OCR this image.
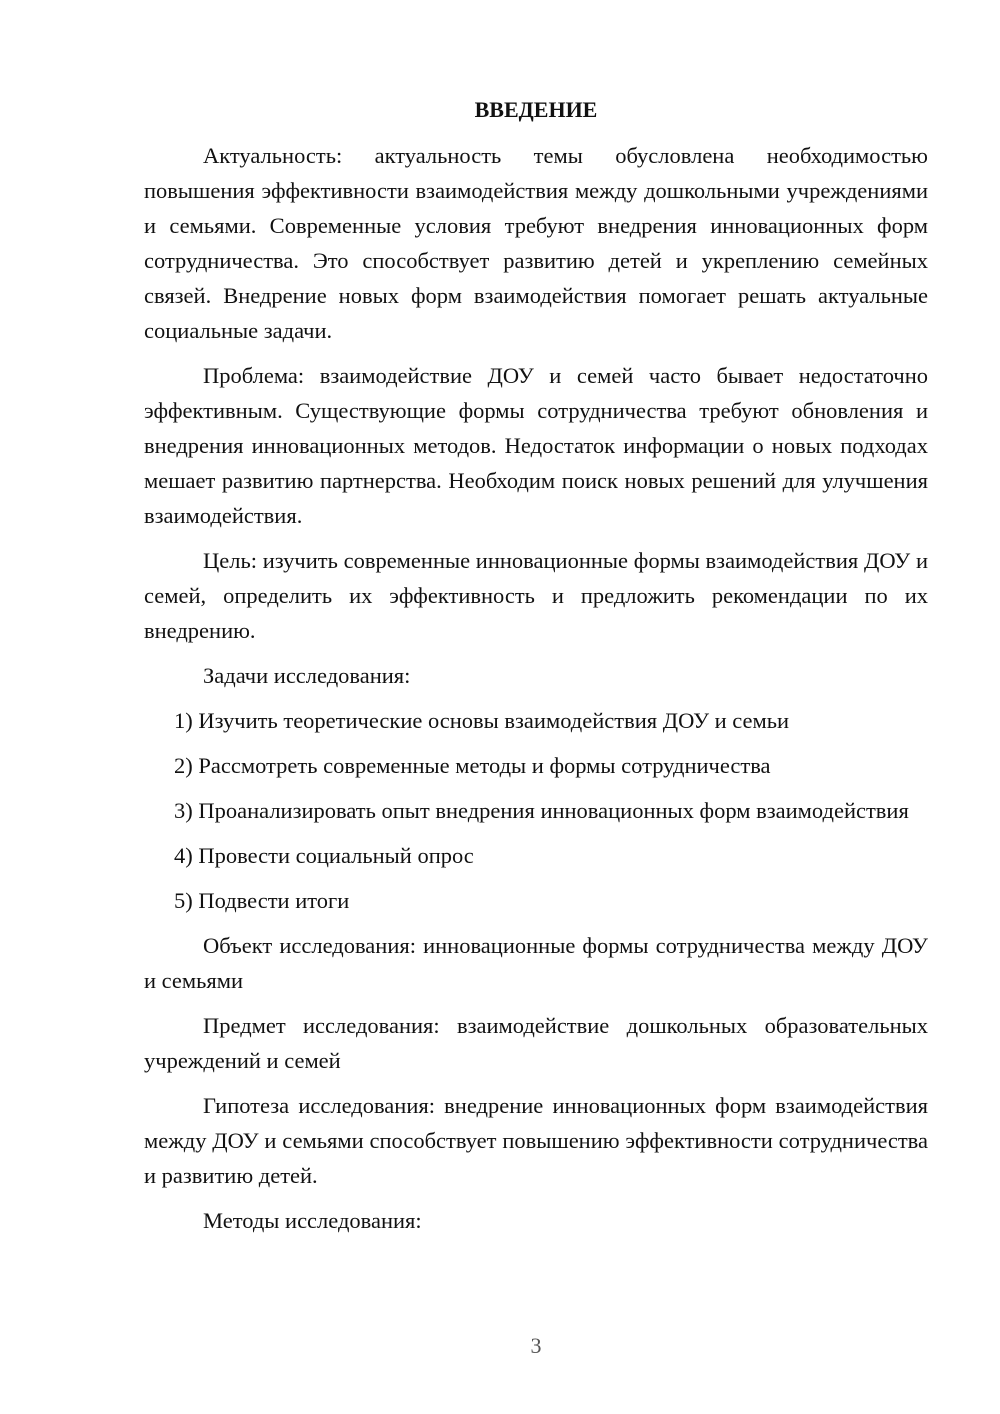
ВВЕДЕНИЕ

Актуальность: актуальность темы обусловлена необходимостью повышения эффективности взаимодействия между дошкольными учреждениями и семьями. Современные условия требуют внедрения инновационных форм сотрудничества. Это способствует развитию детей и укреплению семейных связей. Внедрение новых форм взаимодействия помогает решать актуальные социальные задачи.

Проблема: взаимодействие ДОУ и семей часто бывает недостаточно эффективным. Существующие формы сотрудничества требуют обновления и внедрения инновационных методов. Недостаток информации о новых подходах мешает развитию партнерства. Необходим поиск новых решений для улучшения взаимодействия.

Цель: изучить современные инновационные формы взаимодействия ДОУ и семей, определить их эффективность и предложить рекомендации по их внедрению.

Задачи исследования:

1) Изучить теоретические основы взаимодействия ДОУ и семьи

2) Рассмотреть современные методы и формы сотрудничества

3) Проанализировать опыт внедрения инновационных форм взаимодействия

4) Провести социальный опрос

5) Подвести итоги

Объект исследования: инновационные формы сотрудничества между ДОУ и семьями

Предмет исследования: взаимодействие дошкольных образовательных учреждений и семей

Гипотеза исследования: внедрение инновационных форм взаимодействия между ДОУ и семьями способствует повышению эффективности сотрудничества и развитию детей.

Методы исследования:

3
